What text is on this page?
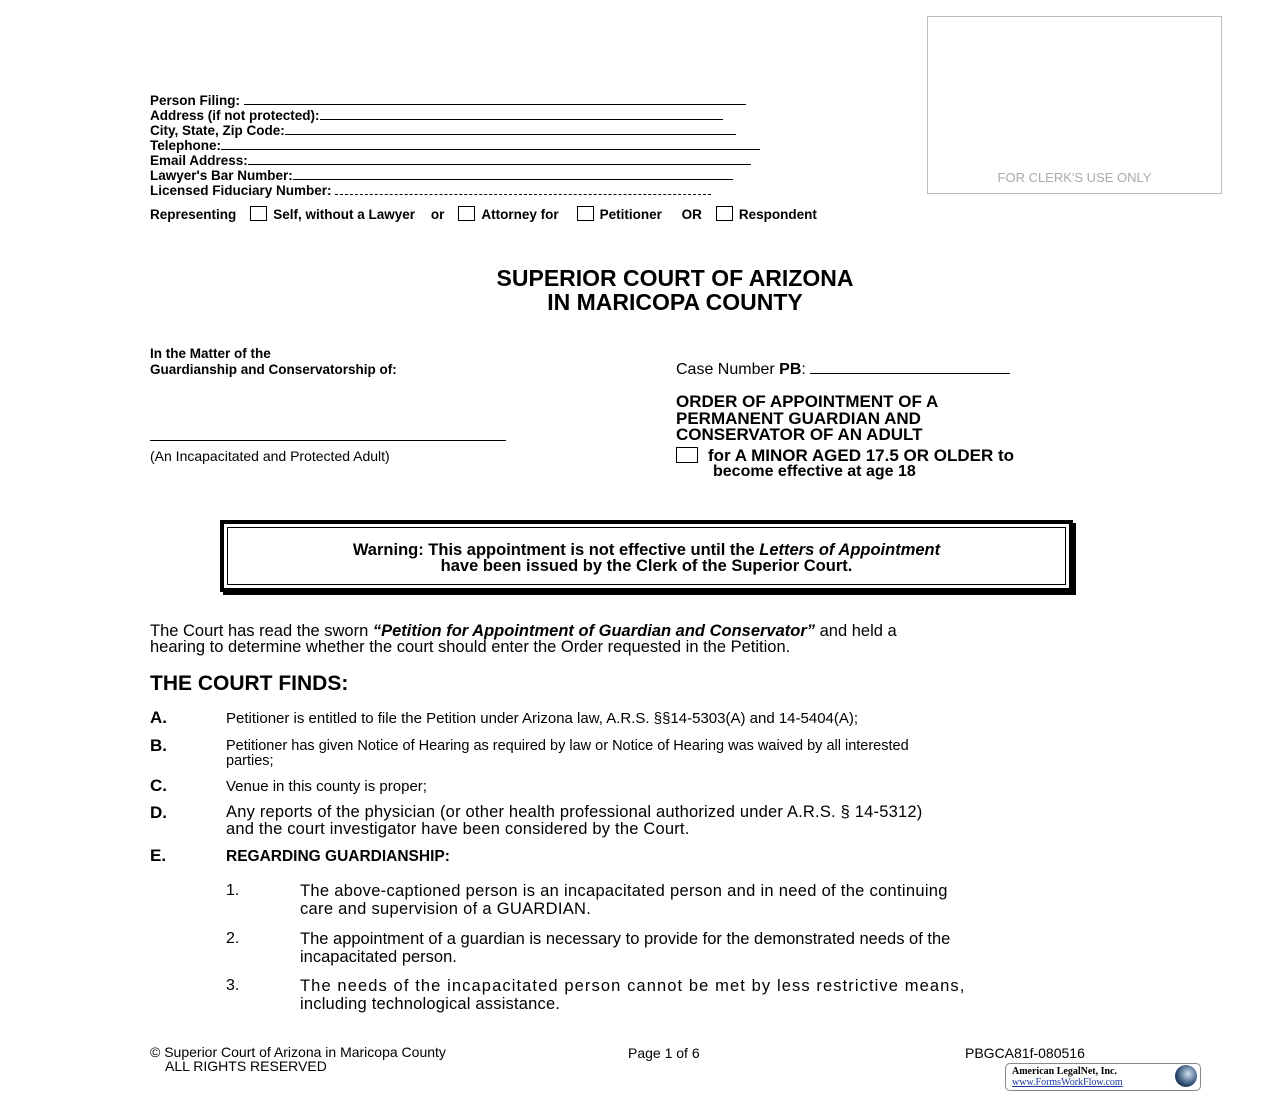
FOR CLERK'S USE ONLY
Person Filing:
Address (if not protected):
City, State, Zip Code:
Telephone:
Email Address:
Lawyer's Bar Number:
Licensed Fiduciary Number:
Representing	Self, without a Lawyer or	Attorney for	Petitioner OR	Respondent
SUPERIOR COURT OF ARIZONA
IN MARICOPA COUNTY
In the Matter of the
Guardianship and Conservatorship of:
(An Incapacitated and Protected Adult)
Case Number PB:
ORDER OF APPOINTMENT OF A
PERMANENT GUARDIAN AND
CONSERVATOR OF AN ADULT
for A MINOR AGED 17.5 OR OLDER to
become effective at age 18
Warning: This appointment is not effective until the Letters of Appointment
have been issued by the Clerk of the Superior Court.
The Court has read the sworn “Petition for Appointment of Guardian and Conservator” and held a
hearing to determine whether the court should enter the Order requested in the Petition.
THE COURT FINDS:
A.	Petitioner is entitled to file the Petition under Arizona law, A.R.S. §§14-5303(A) and 14-5404(A);
B.	Petitioner has given Notice of Hearing as required by law or Notice of Hearing was waived by all interested
parties;
C.	Venue in this county is proper;
D.	Any reports of the physician (or other health professional authorized under A.R.S. § 14-5312)
and the court investigator have been considered by the Court.
E.	REGARDING GUARDIANSHIP:
1.	The above-captioned person is an incapacitated person and in need of the continuing
care and supervision of a GUARDIAN.
2.	The appointment of a guardian is necessary to provide for the demonstrated needs of the
incapacitated person.
3.	The needs of the incapacitated person cannot be met by less restrictive means,
including technological assistance.
© Superior Court of Arizona in Maricopa County
ALL RIGHTS RESERVED
Page 1 of 6	PBGCA81f-080516
American LegalNet, Inc.
www.FormsWorkFlow.com
